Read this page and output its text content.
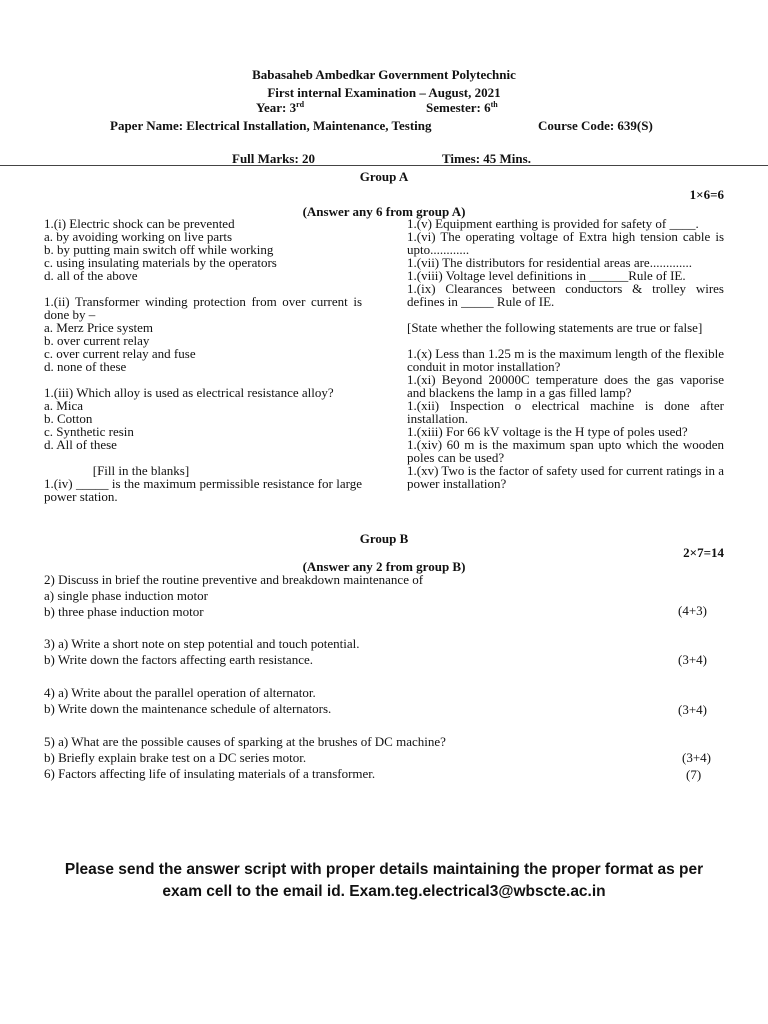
Babasaheb Ambedkar Government Polytechnic
First internal Examination – August, 2021
Year: 3rd	Semester: 6th
Paper Name: Electrical Installation, Maintenance, Testing	Course Code: 639(S)
Full Marks: 20	Times: 45 Mins.
Group A
1×6=6
(Answer any 6 from group A)

1.(i) Electric shock can be prevented

a. by avoiding working on live parts

b. by putting main switch off while working

c. using insulating materials by the operators

d. all of the above

1.(ii) Transformer winding protection from over current is done by –

a. Merz Price system

b. over current relay

c. over current relay and fuse

d. none of these

1.(iii) Which alloy is used as electrical resistance alloy?

a. Mica

b. Cotton

c. Synthetic resin

d. All of these

[Fill in the blanks]

1.(iv) _____ is the maximum permissible resistance for large power station.

1.(v) Equipment earthing is provided for safety of ____.

1.(vi) The operating voltage of Extra high tension cable is upto............

1.(vii) The distributors for residential areas are.............

1.(viii) Voltage level definitions in ______Rule of IE.

1.(ix) Clearances between conductors & trolley wires defines in _____ Rule of IE.

[State whether the following statements are true or false]

1.(x) Less than 1.25 m is the maximum length of the flexible conduit in motor installation?

1.(xi) Beyond 20000C temperature does the gas vaporise and blackens the lamp in a gas filled lamp?

1.(xii) Inspection o electrical machine is done after installation.

1.(xiii) For 66 kV voltage is the H type of poles used?

1.(xiv) 60 m is the maximum span upto which the wooden poles can be used?

1.(xv) Two is the factor of safety used for current ratings in a power installation?

Group B
2×7=14
(Answer any 2 from group B)

2) Discuss in brief the routine preventive and breakdown maintenance of

a) single phase induction motor

b) three phase induction motor	(4+3)

3) a) Write a short note on step potential and touch potential.

b) Write down the factors affecting earth resistance.	(3+4)

4) a) Write about the parallel operation of alternator.

b) Write down the maintenance schedule of alternators.	(3+4)

5) a) What are the possible causes of sparking at the brushes of DC machine?

b) Briefly explain brake test on a DC series motor.	(3+4)

6) Factors affecting life of insulating materials of a transformer.	(7)
Please send the answer script with proper details maintaining the proper format as per
exam cell to the email id. Exam.teg.electrical3@wbscte.ac.in
